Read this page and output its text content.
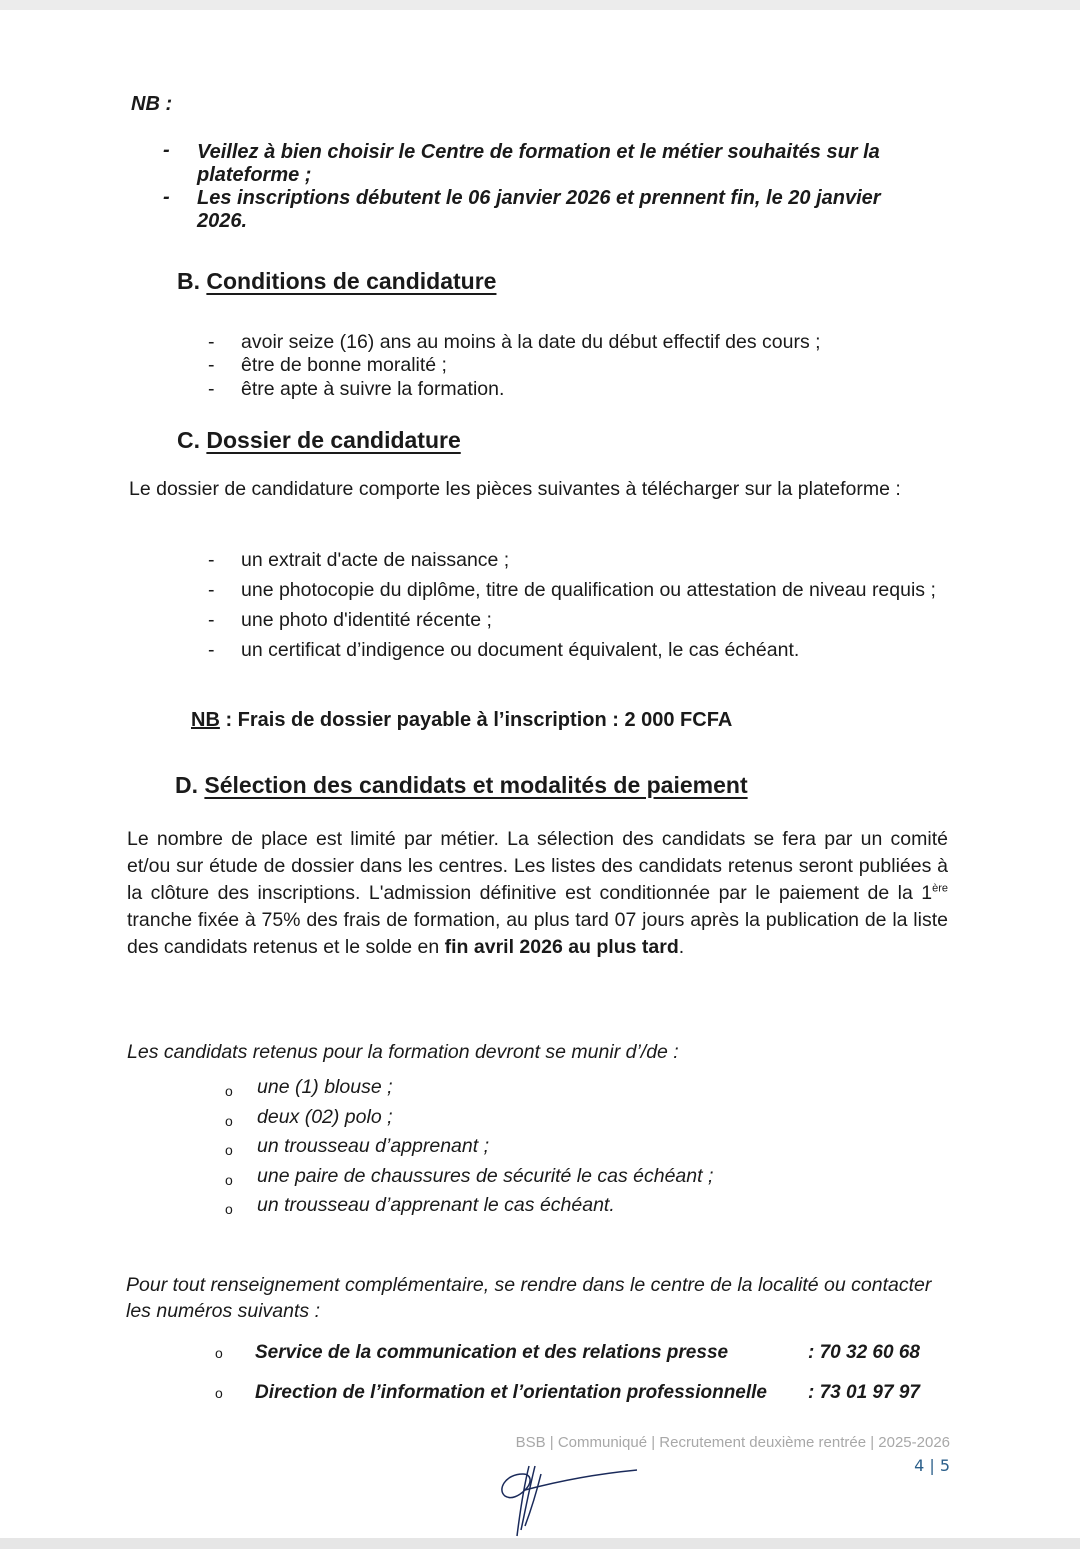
NB :
- Veillez à bien choisir le Centre de formation et le métier souhaités sur la
plateforme ;
- Les inscriptions débutent le 06 janvier 2026 et prennent fin, le 20 janvier
2026.
B. Conditions de candidature
- avoir seize (16) ans au moins à la date du début effectif des cours ;
- être de bonne moralité ;
- être apte à suivre la formation.
C. Dossier de candidature
Le dossier de candidature comporte les pièces suivantes à télécharger sur la plateforme :
- un extrait d'acte de naissance ;
- une photocopie du diplôme, titre de qualification ou attestation de niveau requis ;
- une photo d'identité récente ;
- un certificat d’indigence ou document équivalent, le cas échéant.
NB : Frais de dossier payable à l’inscription : 2 000 FCFA
D. Sélection des candidats et modalités de paiement
Le nombre de place est limité par métier. La sélection des candidats se fera par un comité et/ou sur étude de dossier dans les centres. Les listes des candidats retenus seront publiées à la clôture des inscriptions. L'admission définitive est conditionnée par le paiement de la 1ère tranche fixée à 75% des frais de formation, au plus tard 07 jours après la publication de la liste des candidats retenus et le solde en fin avril 2026 au plus tard.
Les candidats retenus pour la formation devront se munir d’/de :
o une (1) blouse ;
o deux (02) polo ;
o un trousseau d’apprenant ;
o une paire de chaussures de sécurité le cas échéant ;
o un trousseau d’apprenant le cas échéant.
Pour tout renseignement complémentaire, se rendre dans le centre de la localité ou contacter les numéros suivants :
o Service de la communication et des relations presse	: 70 32 60 68
o Direction de l’information et l’orientation professionnelle : 73 01 97 97
BSB | Communiqué | Recrutement deuxième rentrée | 2025-2026
4 | 5
